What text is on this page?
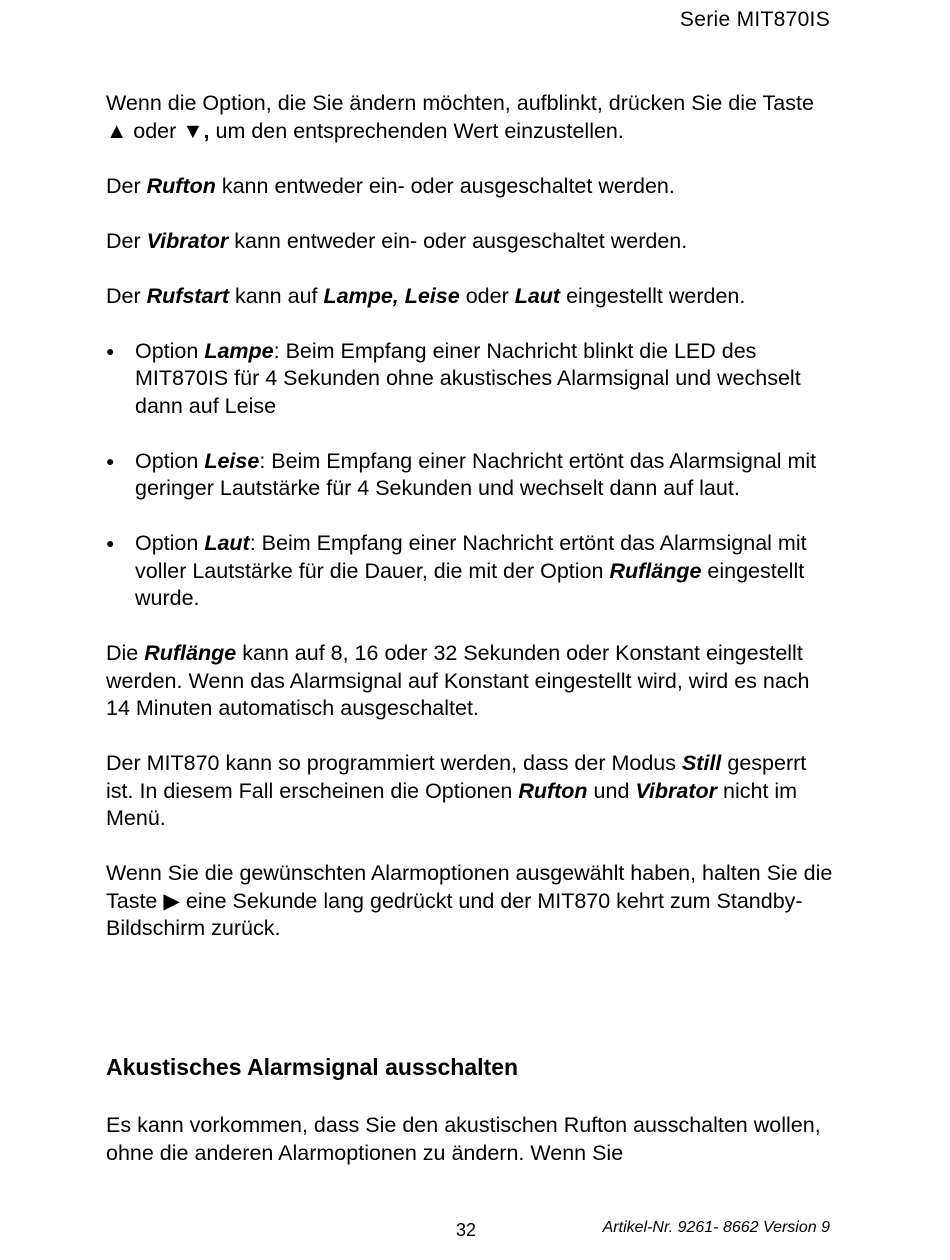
Serie MIT870IS

Wenn die Option, die Sie ändern möchten, aufblinkt, drücken Sie die Taste ▲ oder ▼, um den entsprechenden Wert einzustellen.

Der Rufton kann entweder ein- oder ausgeschaltet werden.

Der Vibrator kann entweder ein- oder ausgeschaltet werden.

Der Rufstart kann auf Lampe, Leise oder Laut eingestellt werden.

● Option Lampe: Beim Empfang einer Nachricht blinkt die LED des MIT870IS für 4 Sekunden ohne akustisches Alarmsignal und wechselt dann auf Leise
● Option Leise: Beim Empfang einer Nachricht ertönt das Alarmsignal mit geringer Lautstärke für 4 Sekunden und wechselt dann auf laut.
● Option Laut: Beim Empfang einer Nachricht ertönt das Alarmsignal mit voller Lautstärke für die Dauer, die mit der Option Ruflänge eingestellt wurde.

Die Ruflänge kann auf 8, 16 oder 32 Sekunden oder Konstant eingestellt werden. Wenn das Alarmsignal auf Konstant eingestellt wird, wird es nach 14 Minuten automatisch ausgeschaltet.

Der MIT870 kann so programmiert werden, dass der Modus Still gesperrt ist. In diesem Fall erscheinen die Optionen Rufton und Vibrator nicht im Menü.

Wenn Sie die gewünschten Alarmoptionen ausgewählt haben, halten Sie die Taste ▶ eine Sekunde lang gedrückt und der MIT870 kehrt zum Standby-Bildschirm zurück.

Akustisches Alarmsignal ausschalten
Es kann vorkommen, dass Sie den akustischen Rufton ausschalten wollen, ohne die anderen Alarmoptionen zu ändern. Wenn Sie
32	Artikel-Nr. 9261- 8662 Version 9
